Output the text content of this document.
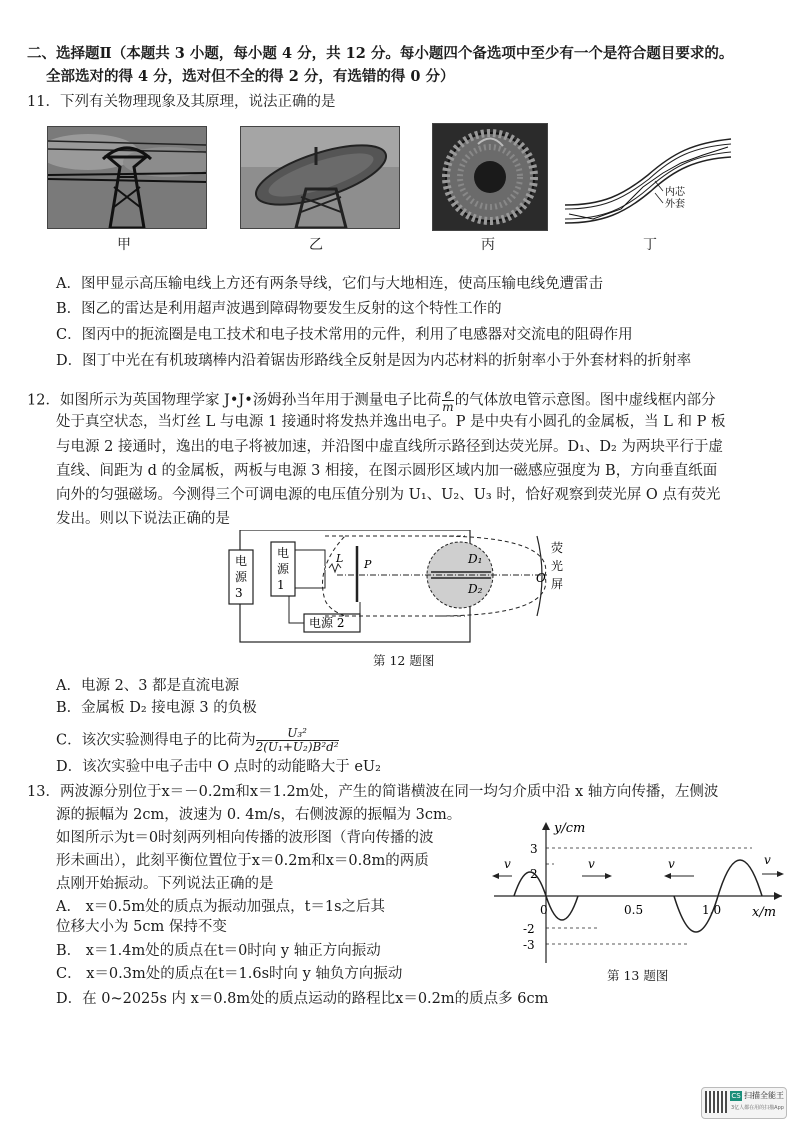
二、选择题Ⅱ（本题共 3 小题，每小题 4 分，共 12 分。每小题四个备选项中至少有一个是符合题目要求的。
全部选对的得 4 分，选对但不全的得 2 分，有选错的得 0 分）
11．下列有关物理现象及其原理，说法正确的是
甲	乙	丙
内芯
外套
丁
A．图甲显示高压输电线上方还有两条导线，它们与大地相连，使高压输电线免遭雷击
B．图乙的雷达是利用超声波遇到障碍物要发生反射的这个特性工作的
C．图丙中的扼流圈是电工技术和电子技术常用的元件，利用了电感器对交流电的阻碍作用
D．图丁中光在有机玻璃棒内沿着锯齿形路线全反射是因为内芯材料的折射率小于外套材料的折射率
12．如图所示为英国物理学家 J•J•汤姆孙当年用于测量电子比荷 $\frac{e}{m}$ 的气体放电管示意图。图中虚线框内部分
处于真空状态，当灯丝 L 与电源 1 接通时将发热并逸出电子。P 是中央有小圆孔的金属板，当 L 和 P 板
与电源 2 接通时，逸出的电子将被加速，并沿图中虚直线所示路径到达荧光屏。D₁、D₂ 为两块平行于虚
直线、间距为 d 的金属板，两板与电源 3 相接，在图示圆形区域内加一磁感应强度为 B，方向垂直纸面
向外的匀强磁场。今测得三个可调电源的电压值分别为 U₁、U₂、U₃ 时，恰好观察到荧光屏 O 点有荧光
发出。则以下说法正确的是
电
源
3
电
源
1
电源 2
D₁
D₂
L P
O
荧
光
屏
第 12 题图
A．电源 2、3 都是直流电源
B．金属板 D₂ 接电源 3 的负极
C．该次实验测得电子的比荷为 $\frac{\text{U₃²}}{\text{2(U₁+U₂)B²d²}}$
D．该次实验中电子击中 O 点时的动能略大于 eU₂
13．两波源分别位于x＝－0.2m和x＝1.2m处，产生的简谐横波在同一均匀介质中沿 x 轴方向传播，左侧波
源的振幅为 2cm，波速为 0. 4m/s，右侧波源的振幅为 3cm。
如图所示为t＝0时刻两列相向传播的波形图（背向传播的波
形未画出），此刻平衡位置位于x＝0.2m和x＝0.8m的两质
点刚开始振动。下列说法正确的是
A． x＝0.5m处的质点为振动加强点，t＝1s之后其
位移大小为 5cm 保持不变
B． x＝1.4m处的质点在t＝0时向 y 轴正方向振动
C． x＝0.3m处的质点在t＝1.6s时向 y 轴负方向振动
D．在 0~2025s 内 x＝0.8m处的质点运动的路程比x＝0.2m的质点多 6cm
y/cm
x/m
3
2
-2
-3
0	0.5	1.0
v	v	v	v
第 13 题图
CS 扫描全能王
3亿人都在用的扫描App
